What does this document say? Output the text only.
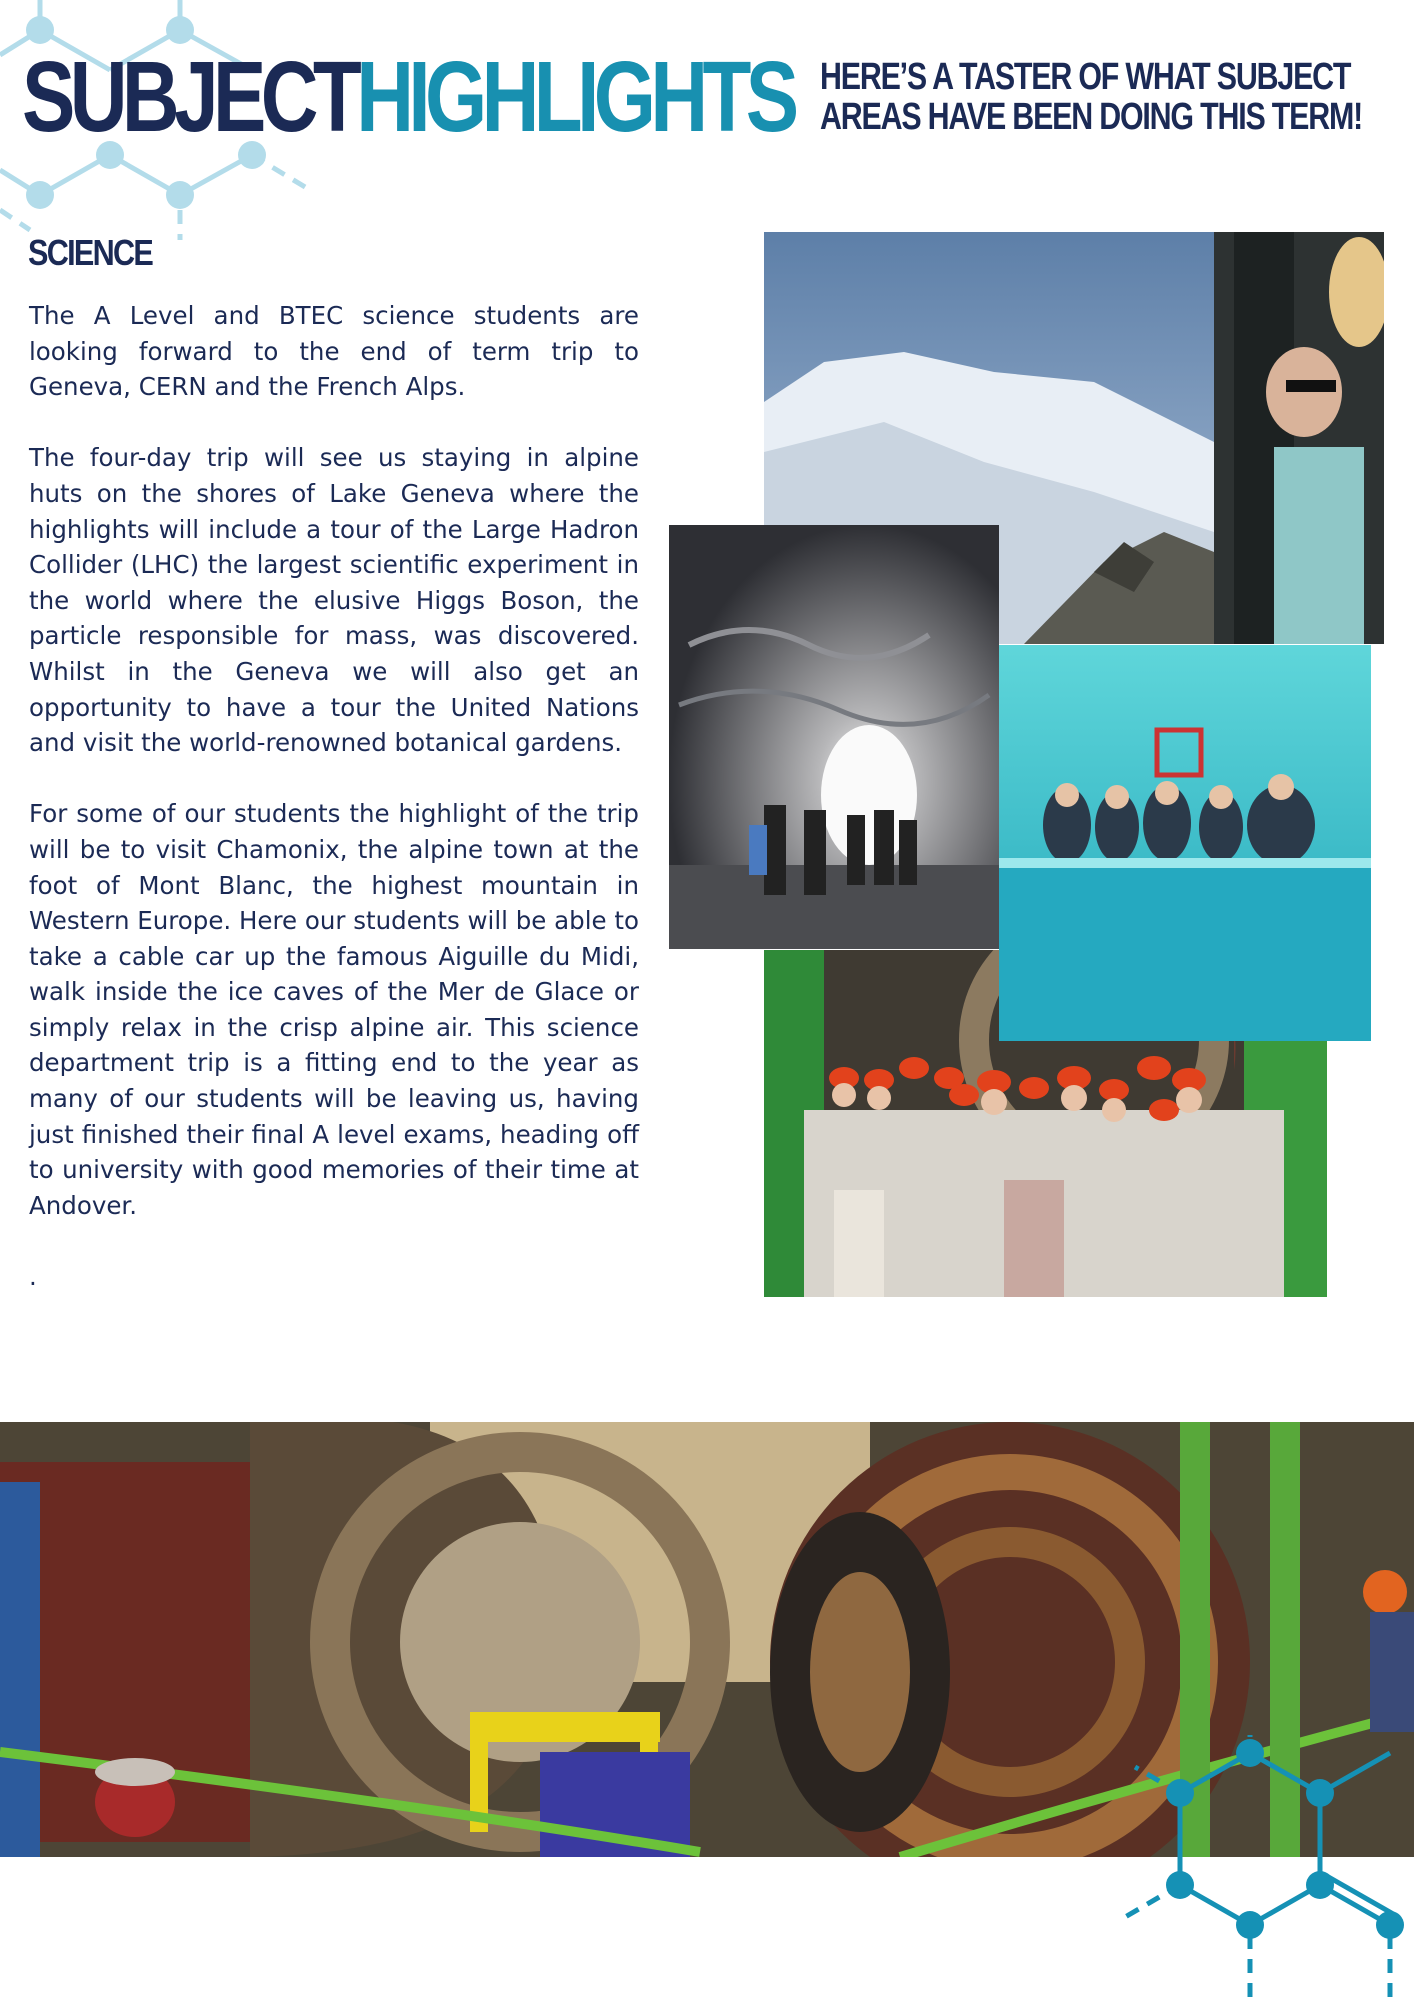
SUBJECTHIGHLIGHTS HERE’S A TASTER OF WHAT SUBJECT
AREAS HAVE BEEN DOING THIS TERM!
SCIENCE

The A Level and BTEC science students are looking forward to the end of term trip to Geneva, CERN and the French Alps.

The four-day trip will see us staying in alpine huts on the shores of Lake Geneva where the highlights will include a tour of the Large Hadron Collider (LHC) the largest scientific experiment in the world where the elusive Higgs Boson, the particle responsible for mass, was discovered. Whilst in the Geneva we will also get an opportunity to have a tour the United Nations and visit the world-renowned botanical gardens.

For some of our students the highlight of the trip will be to visit Chamonix, the alpine town at the foot of Mont Blanc, the highest mountain in Western Europe. Here our students will be able to take a cable car up the famous Aiguille du Midi, walk inside the ice caves of the Mer de Glace or simply relax in the crisp alpine air. This science department trip is a fitting end to the year as many of our students will be leaving us, having just finished their final A level exams, heading off to university with good memories of their time at Andover.

.
